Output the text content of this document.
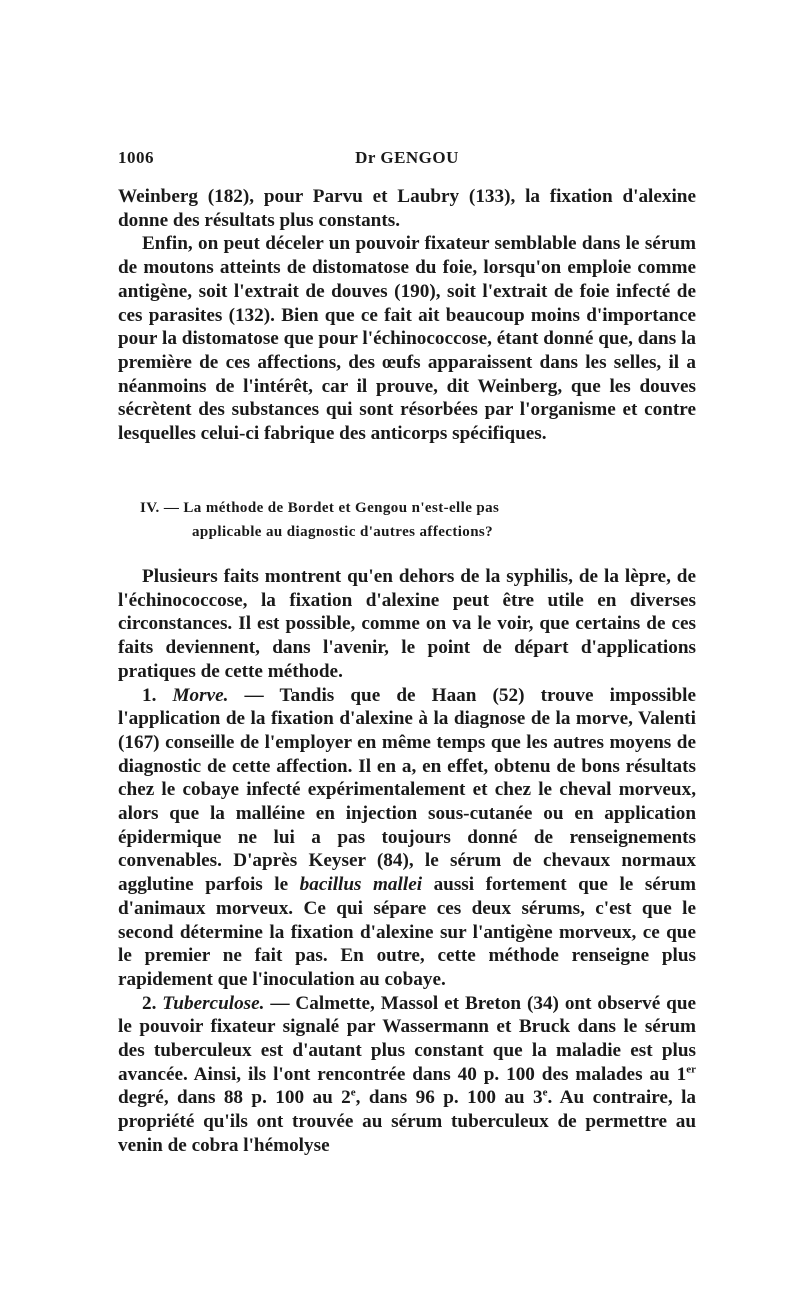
1006	Dr GENGOU

Weinberg (182), pour Parvu et Laubry (133), la fixation d'alexine donne des résultats plus constants.

Enfin, on peut déceler un pouvoir fixateur semblable dans le sérum de moutons atteints de distomatose du foie, lorsqu'on emploie comme antigène, soit l'extrait de douves (190), soit l'extrait de foie infecté de ces parasites (132). Bien que ce fait ait beaucoup moins d'importance pour la distomatose que pour l'échinococcose, étant donné que, dans la première de ces affections, des œufs apparaissent dans les selles, il a néanmoins de l'intérêt, car il prouve, dit Weinberg, que les douves sécrètent des substances qui sont résorbées par l'organisme et contre lesquelles celui-ci fabrique des anticorps spécifiques.

IV. — La méthode de Bordet et Gengou n'est-elle pas
applicable au diagnostic d'autres affections?

Plusieurs faits montrent qu'en dehors de la syphilis, de la lèpre, de l'échinococcose, la fixation d'alexine peut être utile en diverses circonstances. Il est possible, comme on va le voir, que certains de ces faits deviennent, dans l'avenir, le point de départ d'applications pratiques de cette méthode.

1. Morve. — Tandis que de Haan (52) trouve impossible l'application de la fixation d'alexine à la diagnose de la morve, Valenti (167) conseille de l'employer en même temps que les autres moyens de diagnostic de cette affection. Il en a, en effet, obtenu de bons résultats chez le cobaye infecté expérimentalement et chez le cheval morveux, alors que la malléine en injection sous-cutanée ou en application épidermique ne lui a pas toujours donné de renseignements convenables. D'après Keyser (84), le sérum de chevaux normaux agglutine parfois le bacillus mallei aussi fortement que le sérum d'animaux morveux. Ce qui sépare ces deux sérums, c'est que le second détermine la fixation d'alexine sur l'antigène morveux, ce que le premier ne fait pas. En outre, cette méthode renseigne plus rapidement que l'inoculation au cobaye.

2. Tuberculose. — Calmette, Massol et Breton (34) ont observé que le pouvoir fixateur signalé par Wassermann et Bruck dans le sérum des tuberculeux est d'autant plus constant que la maladie est plus avancée. Ainsi, ils l'ont rencontrée dans 40 p. 100 des malades au 1er degré, dans 88 p. 100 au 2e, dans 96 p. 100 au 3e. Au contraire, la propriété qu'ils ont trouvée au sérum tuberculeux de permettre au venin de cobra l'hémolyse
